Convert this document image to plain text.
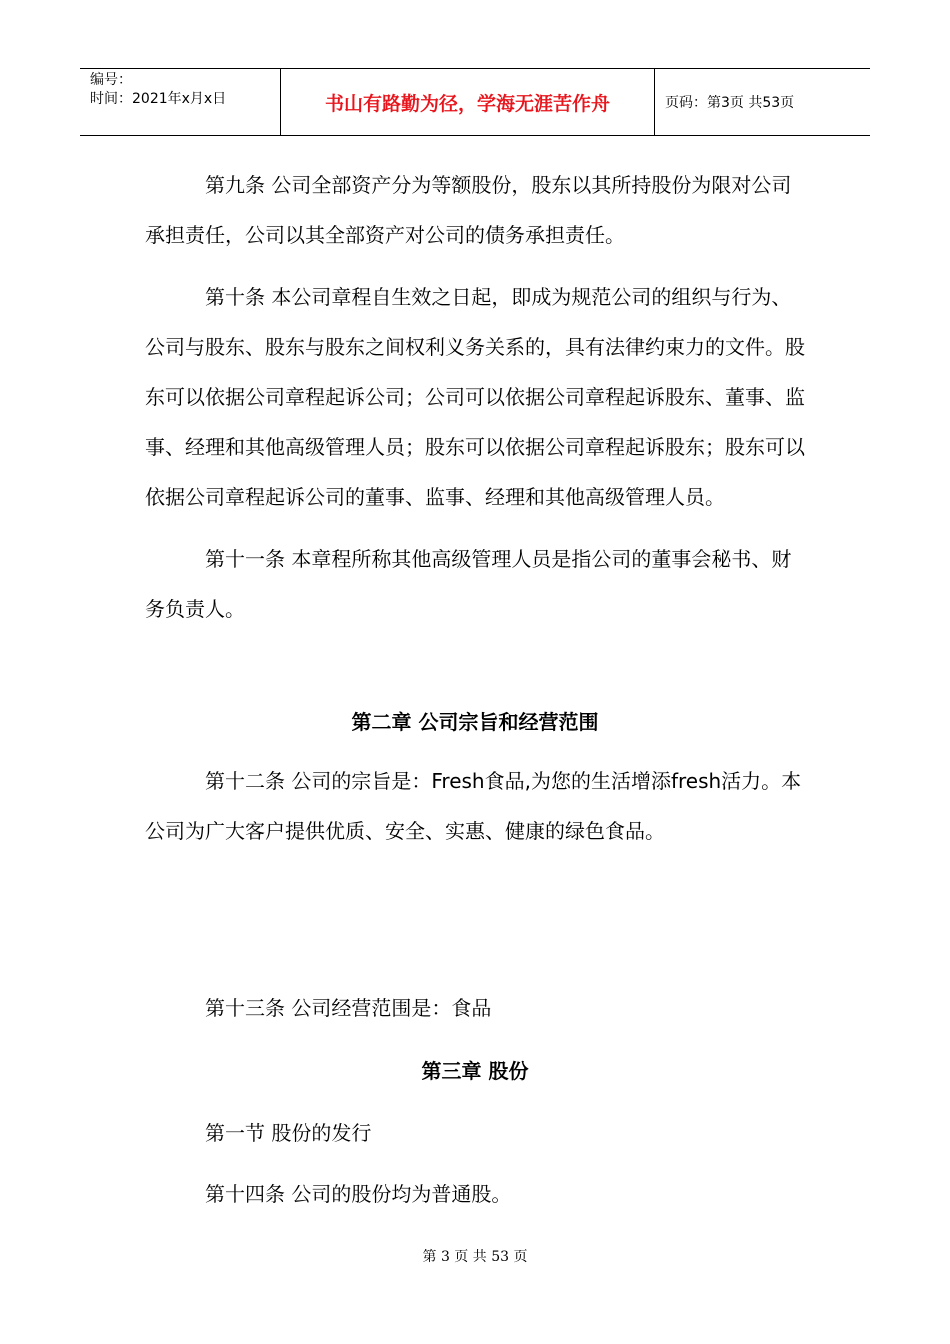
编号：
时间：2021年x月x日	书山有路勤为径，学海无涯苦作舟	页码：第3页 共53页

第九条 公司全部资产分为等额股份，股东以其所持股份为限对公司承担责任，公司以其全部资产对公司的债务承担责任。

第十条 本公司章程自生效之日起，即成为规范公司的组织与行为、公司与股东、股东与股东之间权利义务关系的，具有法律约束力的文件。股东可以依据公司章程起诉公司；公司可以依据公司章程起诉股东、董事、监事、经理和其他高级管理人员；股东可以依据公司章程起诉股东；股东可以依据公司章程起诉公司的董事、监事、经理和其他高级管理人员。

第十一条 本章程所称其他高级管理人员是指公司的董事会秘书、财务负责人。

第二章 公司宗旨和经营范围

第十二条 公司的宗旨是：Fresh食品,为您的生活增添fresh活力。本公司为广大客户提供优质、安全、实惠、健康的绿色食品。

第十三条 公司经营范围是：食品
第三章 股份
第一节 股份的发行
第十四条 公司的股份均为普通股。
第 3 页 共 53 页
